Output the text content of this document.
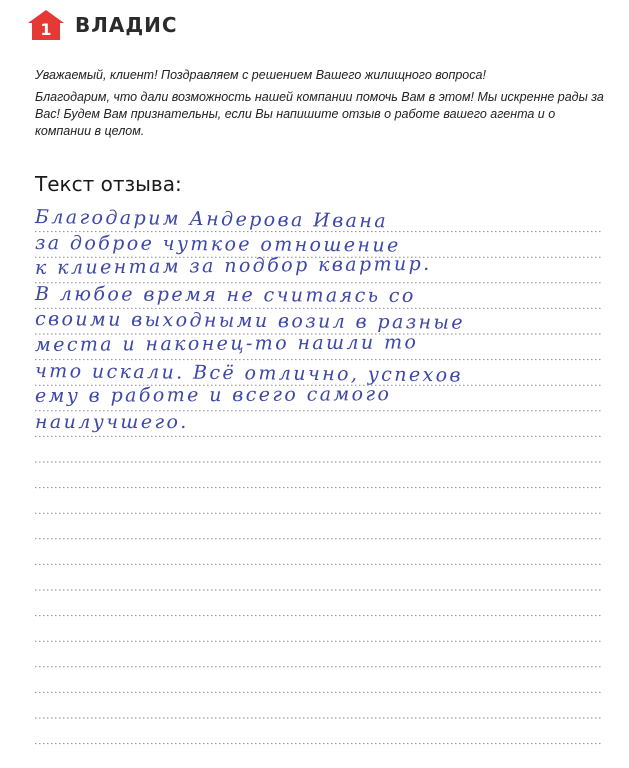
1 ВЛАДИС

Уважаемый, клиент! Поздравляем с решением Вашего жилищного вопроса!

Благодарим, что дали возможность нашей компании помочь Вам в этом! Мы искренне рады за Вас! Будем Вам признательны, если Вы напишите отзыв о работе вашего агента и о компании в целом.

Текст отзыва:
Благодарим Андерова Ивана
за доброе чуткое отношение
к клиентам за подбор квартир.
В любое время не считаясь со
своими выходными возил в разные
места и наконец-то нашли то
что искали. Всё отлично, успехов
ему в работе и всего самого
наилучшего.
